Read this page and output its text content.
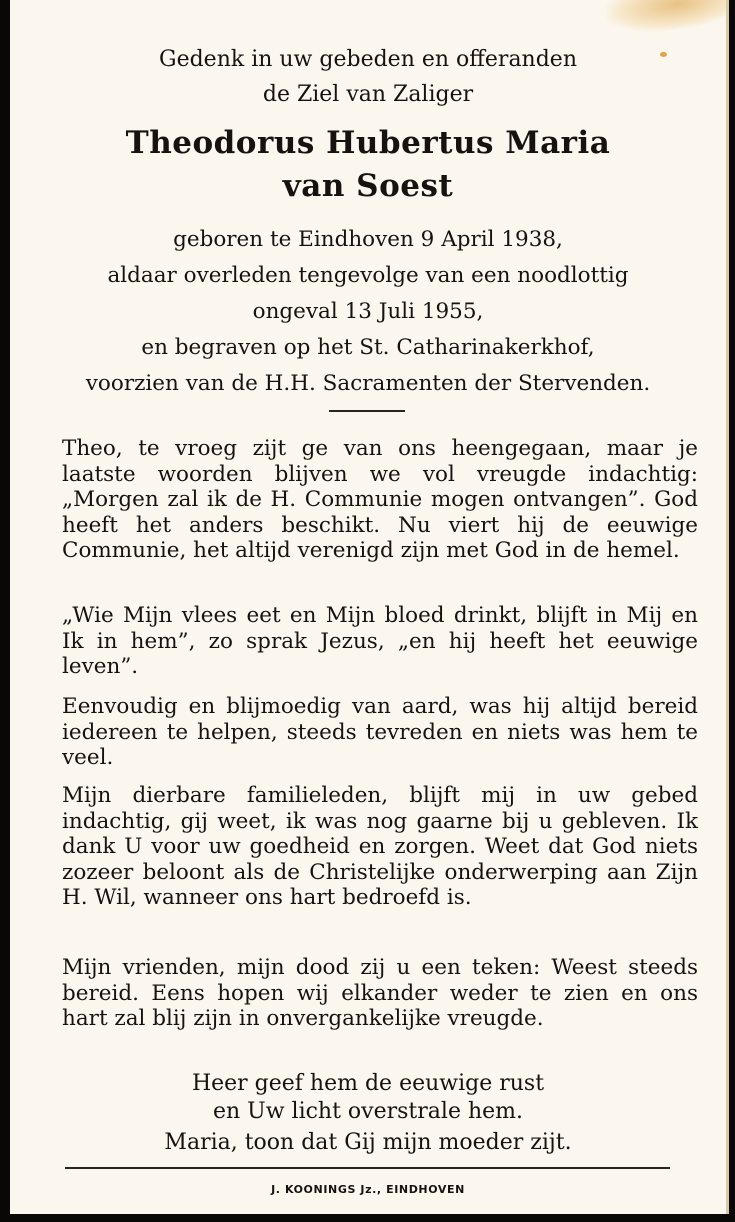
Gedenk in uw gebeden en offeranden
de Ziel van Zaliger
Theodorus Hubertus Maria
van Soest
geboren te Eindhoven 9 April 1938,
aldaar overleden tengevolge van een noodlottig
ongeval 13 Juli 1955,
en begraven op het St. Catharinakerkhof,
voorzien van de H.H. Sacramenten der Stervenden.

Theo, te vroeg zijt ge van ons heengegaan, maar je laatste woorden blijven we vol vreugde indachtig: „Morgen zal ik de H. Communie mogen ontvangen”. God heeft het anders beschikt. Nu viert hij de eeuwige Communie, het altijd verenigd zijn met God in de hemel.

„Wie Mijn vlees eet en Mijn bloed drinkt, blijft in Mij en Ik in hem”, zo sprak Jezus, „en hij heeft het eeuwige leven”.

Eenvoudig en blijmoedig van aard, was hij altijd bereid iedereen te helpen, steeds tevreden en niets was hem te veel.

Mijn dierbare familieleden, blijft mij in uw gebed indachtig, gij weet, ik was nog gaarne bij u gebleven. Ik dank U voor uw goedheid en zorgen. Weet dat God niets zozeer beloont als de Christelijke onderwerping aan Zijn H. Wil, wanneer ons hart bedroefd is.

Mijn vrienden, mijn dood zij u een teken: Weest steeds bereid. Eens hopen wij elkander weder te zien en ons hart zal blij zijn in onvergankelijke vreugde.

Heer geef hem de eeuwige rust
en Uw licht overstrale hem.
Maria, toon dat Gij mijn moeder zijt.
J. KOONINGS Jz., EINDHOVEN
